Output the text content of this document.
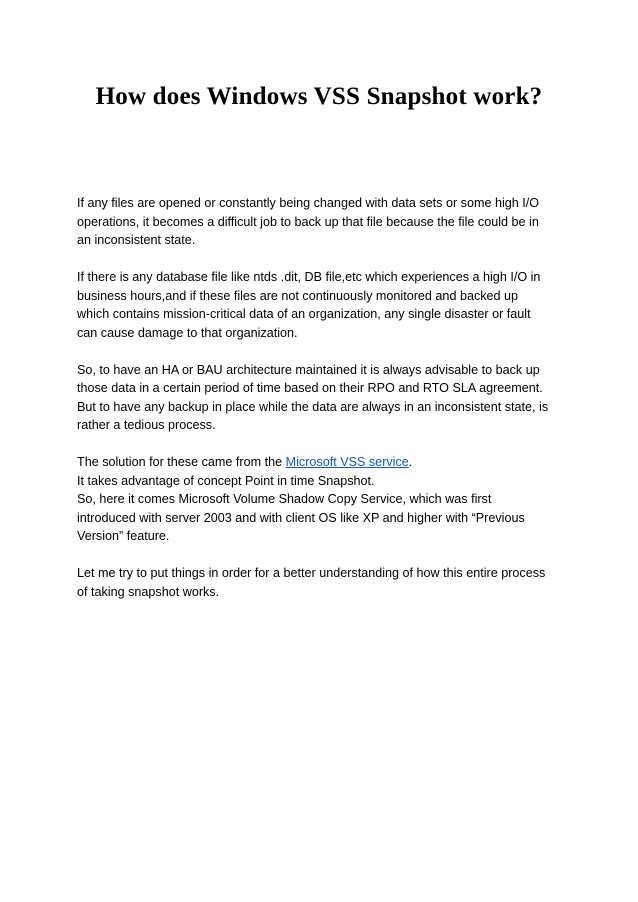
How does Windows VSS Snapshot work?

If any files are opened or constantly being changed with data sets or some high I/O
operations, it becomes a difficult job to back up that file because the file could be in
an inconsistent state.

If there is any database file like ntds .dit, DB file,etc which experiences a high I/O in
business hours,and if these files are not continuously monitored and backed up
which contains mission-critical data of an organization, any single disaster or fault
can cause damage to that organization.

So, to have an HA or BAU architecture maintained it is always advisable to back up
those data in a certain period of time based on their RPO and RTO SLA agreement.
But to have any backup in place while the data are always in an inconsistent state, is
rather a tedious process.

The solution for these came from the Microsoft VSS service.
It takes advantage of concept Point in time Snapshot.
So, here it comes Microsoft Volume Shadow Copy Service, which was first
introduced with server 2003 and with client OS like XP and higher with “Previous
Version” feature.

Let me try to put things in order for a better understanding of how this entire process
of taking snapshot works.
